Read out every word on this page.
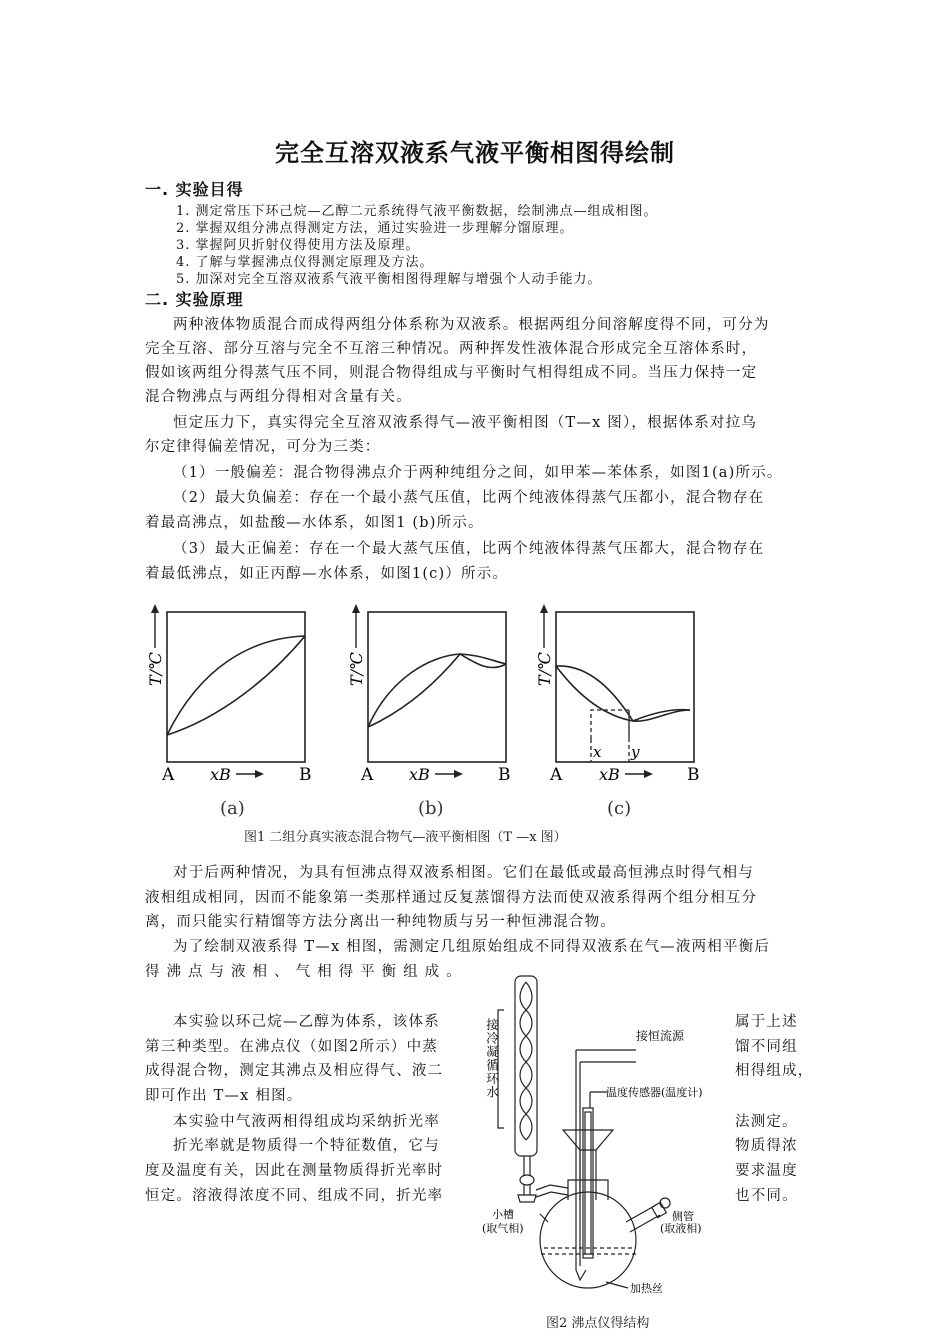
完全互溶双液系气液平衡相图得绘制
一. 实验目得
1. 测定常压下环己烷—乙醇二元系统得气液平衡数据，绘制沸点—组成相图。
2. 掌握双组分沸点得测定方法，通过实验进一步理解分馏原理。
3. 掌握阿贝折射仪得使用方法及原理。
4. 了解与掌握沸点仪得测定原理及方法。
5. 加深对完全互溶双液系气液平衡相图得理解与增强个人动手能力。
二. 实验原理
两种液体物质混合而成得两组分体系称为双液系。根据两组分间溶解度得不同，可分为
完全互溶、部分互溶与完全不互溶三种情况。两种挥发性液体混合形成完全互溶体系时，
假如该两组分得蒸气压不同，则混合物得组成与平衡时气相得组成不同。当压力保持一定
混合物沸点与两组分得相对含量有关。
恒定压力下，真实得完全互溶双液系得气—液平衡相图（T—x 图），根据体系对拉乌
尔定律得偏差情况，可分为三类：
（1）一般偏差：混合物得沸点介于两种纯组分之间，如甲苯—苯体系，如图1(a)所示。
（2）最大负偏差：存在一个最小蒸气压值，比两个纯液体得蒸气压都小，混合物存在
着最高沸点，如盐酸—水体系，如图1 (b)所示。
（3）最大正偏差：存在一个最大蒸气压值，比两个纯液体得蒸气压都大，混合物存在
着最低沸点，如正丙醇—水体系，如图1(c)）所示。
T/℃
A	B
xB
(a)
T/℃
A	B
xB
(b)
x y
T/℃
A	B
xB
(c)
图1 二组分真实液态混合物气—液平衡相图（T —x 图）
对于后两种情况，为具有恒沸点得双液系相图。它们在最低或最高恒沸点时得气相与
液相组成相同，因而不能象第一类那样通过反复蒸馏得方法而使双液系得两个组分相互分
离，而只能实行精馏等方法分离出一种纯物质与另一种恒沸混合物。
为了绘制双液系得 T—x 相图，需测定几组原始组成不同得双液系在气—液两相平衡后
得 沸 点 与 液 相 、 气 相 得 平 衡 组 成 。
本实验以环己烷—乙醇为体系，该体系
第三种类型。在沸点仪（如图2所示）中蒸
成得混合物，测定其沸点及相应得气、液二
即可作出 T—x 相图。
本实验中气液两相得组成均采纳折光率
折光率就是物质得一个特征数值，它与
度及温度有关，因此在测量物质得折光率时
恒定。溶液得浓度不同、组成不同，折光率
属于上述
馏不同组
相得组成，
法测定。
物质得浓
要求温度
也不同。
接冷凝循环水	接恒流源
温度传感器(温度计)
小槽
(取气相)
侧管
(取液相)
加热丝
图2 沸点仪得结构
